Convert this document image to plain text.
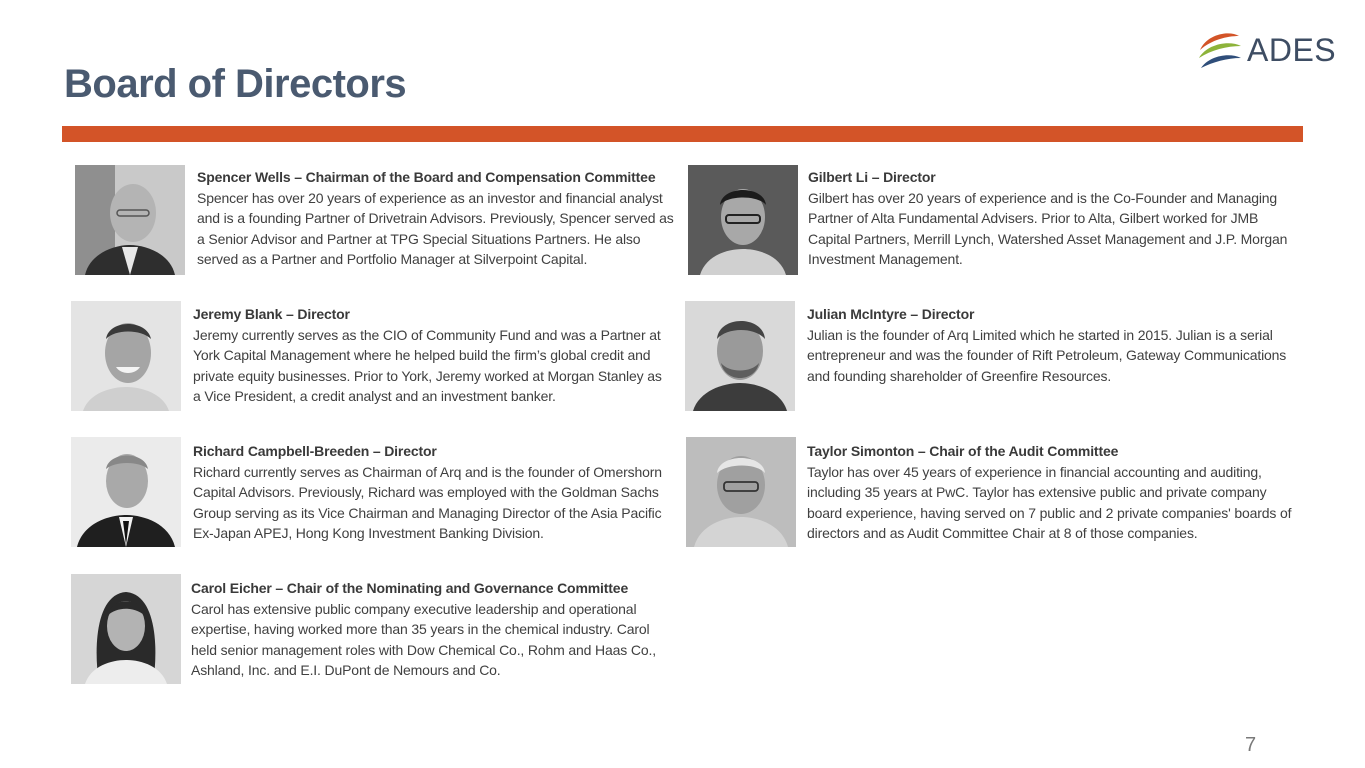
Board of Directors
ADES
Spencer Wells – Chairman of the Board and Compensation Committee
Spencer has over 20 years of experience as an investor and financial analyst and is a founding Partner of Drivetrain Advisors. Previously, Spencer served as a Senior Advisor and Partner at TPG Special Situations Partners. He also served as a Partner and Portfolio Manager at Silverpoint Capital.
Gilbert Li – Director
Gilbert has over 20 years of experience and is the Co-Founder and Managing Partner of Alta Fundamental Advisers. Prior to Alta, Gilbert worked for JMB Capital Partners, Merrill Lynch, Watershed Asset Management and J.P. Morgan Investment Management.
Jeremy Blank – Director
Jeremy currently serves as the CIO of Community Fund and was a Partner at York Capital Management where he helped build the firm’s global credit and private equity businesses. Prior to York, Jeremy worked at Morgan Stanley as a Vice President, a credit analyst and an investment banker.
Julian McIntyre – Director
Julian is the founder of Arq Limited which he started in 2015. Julian is a serial entrepreneur and was the founder of Rift Petroleum, Gateway Communications and founding shareholder of Greenfire Resources.
Richard Campbell-Breeden – Director
Richard currently serves as Chairman of Arq and is the founder of Omershorn Capital Advisors. Previously, Richard was employed with the Goldman Sachs Group serving as its Vice Chairman and Managing Director of the Asia Pacific Ex-Japan APEJ, Hong Kong Investment Banking Division.
Taylor Simonton – Chair of the Audit Committee
Taylor has over 45 years of experience in financial accounting and auditing, including 35 years at PwC. Taylor has extensive public and private company board experience, having served on 7 public and 2 private companies' boards of directors and as Audit Committee Chair at 8 of those companies.
Carol Eicher – Chair of the Nominating and Governance Committee
Carol has extensive public company executive leadership and operational expertise, having worked more than 35 years in the chemical industry. Carol held senior management roles with Dow Chemical Co., Rohm and Haas Co., Ashland, Inc. and E.I. DuPont de Nemours and Co.
7
